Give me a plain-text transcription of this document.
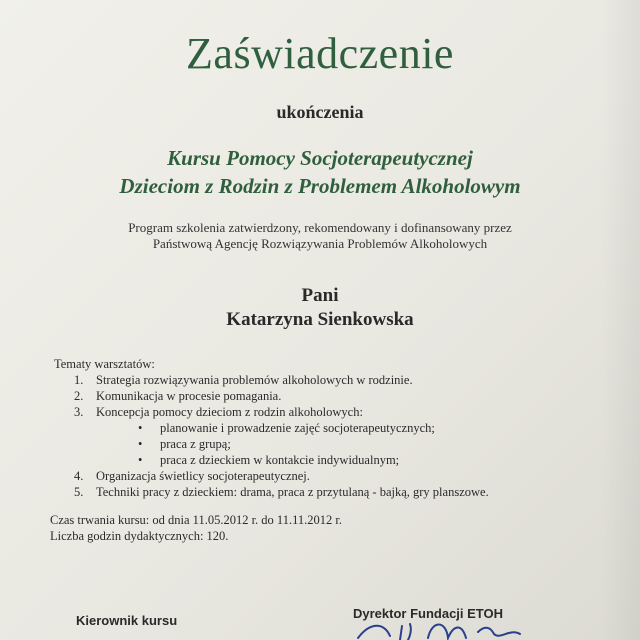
Zaświadczenie
ukończenia
Kursu Pomocy Socjoterapeutycznej
Dzieciom z Rodzin z Problemem Alkoholowym
Program szkolenia zatwierdzony, rekomendowany i dofinansowany przez
Państwową Agencję Rozwiązywania Problemów Alkoholowych
Pani
Katarzyna Sienkowska
Tematy warsztatów:
1. Strategia rozwiązywania problemów alkoholowych w rodzinie.
2. Komunikacja w procesie pomagania.
3. Koncepcja pomocy dzieciom z rodzin alkoholowych:
• planowanie i prowadzenie zajęć socjoterapeutycznych;
• praca z grupą;
• praca z dzieckiem w kontakcie indywidualnym;
4. Organizacja świetlicy socjoterapeutycznej.
5. Techniki pracy z dzieckiem: drama, praca z przytulaną - bajką, gry planszowe.
Czas trwania kursu: od dnia 11.05.2012 r. do 11.11.2012 r.
Liczba godzin dydaktycznych: 120.
Dyrektor Fundacji ETOH
Kierownik kursu
